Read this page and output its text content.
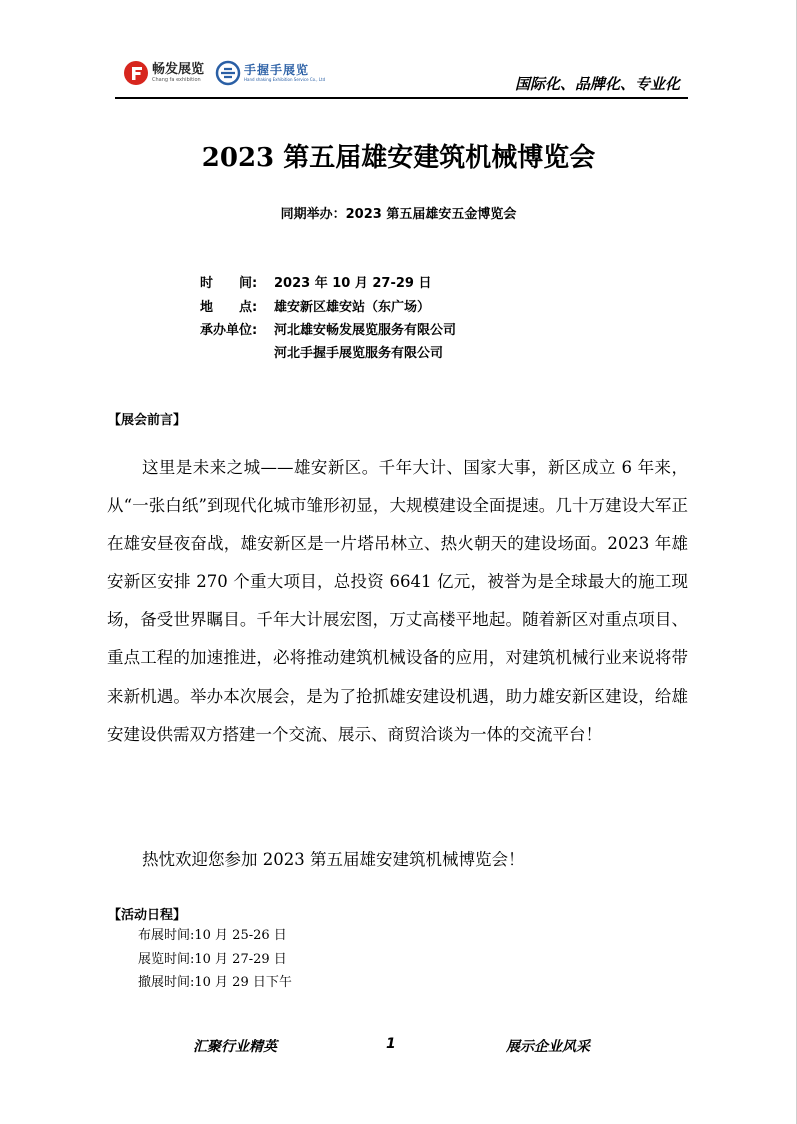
畅发展览
Chang fa exhibition
手握手展览
Hand shaking Exhibition Service Co., Ltd	国际化、品牌化、专业化
2023 第五届雄安建筑机械博览会
同期举办：2023 第五届雄安五金博览会
时　　间: 2023 年 10 月 27-29 日
地　　点: 雄安新区雄安站（东广场）
承办单位: 河北雄安畅发展览服务有限公司
河北手握手展览服务有限公司
【展会前言】

这里是未来之城——雄安新区。千年大计、国家大事，新区成立 6 年来，从“一张白纸”到现代化城市雏形初显，大规模建设全面提速。几十万建设大军正在雄安昼夜奋战，雄安新区是一片塔吊林立、热火朝天的建设场面。2023 年雄安新区安排 270 个重大项目，总投资 6641 亿元，被誉为是全球最大的施工现场，备受世界瞩目。千年大计展宏图，万丈高楼平地起。随着新区对重点项目、重点工程的加速推进，必将推动建筑机械设备的应用，对建筑机械行业来说将带来新机遇。举办本次展会，是为了抢抓雄安建设机遇，助力雄安新区建设，给雄安建设供需双方搭建一个交流、展示、商贸洽谈为一体的交流平台！

热忱欢迎您参加 2023 第五届雄安建筑机械博览会！
【活动日程】
布展时间:10 月 25-26 日
展览时间:10 月 27-29 日
撤展时间:10 月 29 日下午
汇聚行业精英	1	展示企业风采
